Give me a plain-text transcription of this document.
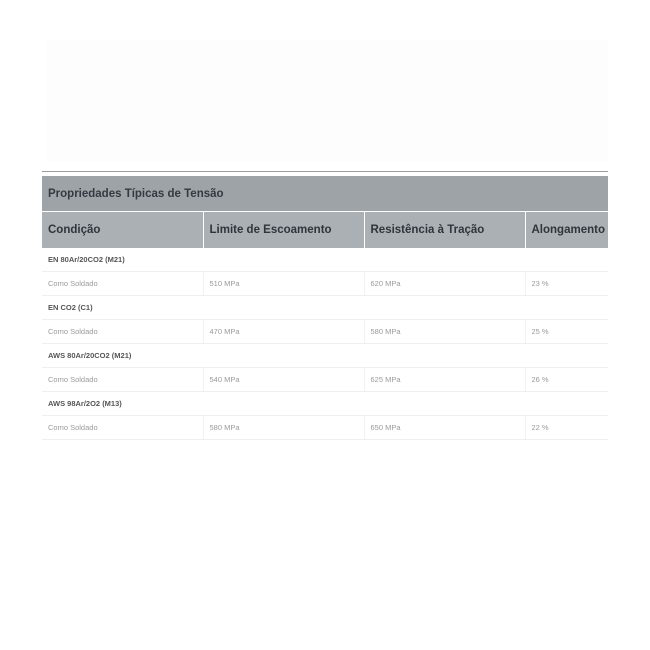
Propriedades Típicas de Tensão
Condição	Limite de Escoamento	Resistência à Tração	Alongamento
EN 80Ar/20CO2 (M21)			
Como Soldado	510 MPa	620 MPa	23 %
EN CO2 (C1)			
Como Soldado	470 MPa	580 MPa	25 %
AWS 80Ar/20CO2 (M21)			
Como Soldado	540 MPa	625 MPa	26 %
AWS 98Ar/2O2 (M13)			
Como Soldado	580 MPa	650 MPa	22 %
